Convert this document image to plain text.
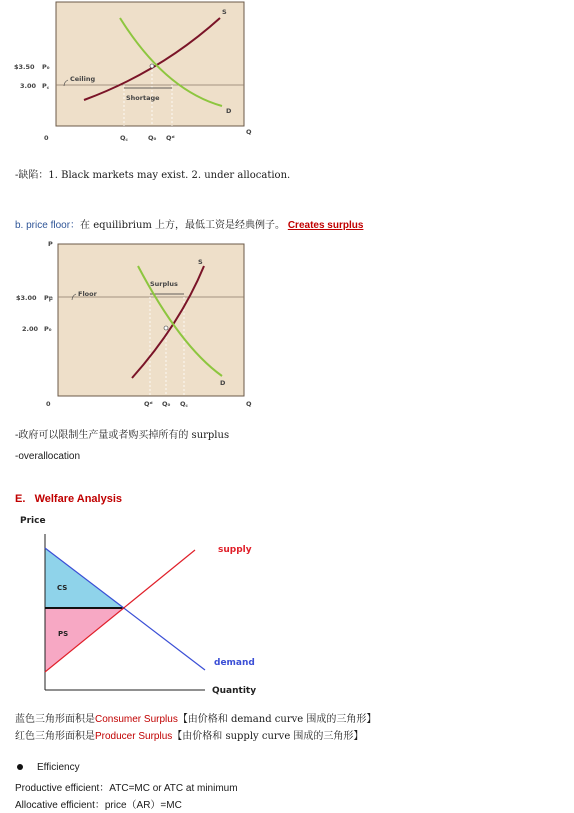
S
D
Ceiling
Shortage
$3.50 P₀
3.00 P꜀
0	Q꜀	Q₀ Qᵈ
Q
-缺陷：1. Black markets may exist. 2. under allocation.
b. price floor：在 equilibrium 上方，最低工资是经典例子。 Creates surplus
P
S
D
Surplus
Floor
$3.00 Pբ
2.00 P₀
0	Qᵈ Q₀ Q꜀	Q
-政府可以限制生产量或者购买掉所有的 surplus
-overallocation
E. Welfare Analysis
Price
CS
PS
supply
demand
Quantity
蓝色三角形面积是Consumer Surplus【由价格和 demand curve 围成的三角形】
红色三角形面积是Producer Surplus【由价格和 supply curve 围成的三角形】
Efficiency
Productive efficient：ATC=MC or ATC at minimum
Allocative efficient：price（AR）=MC
